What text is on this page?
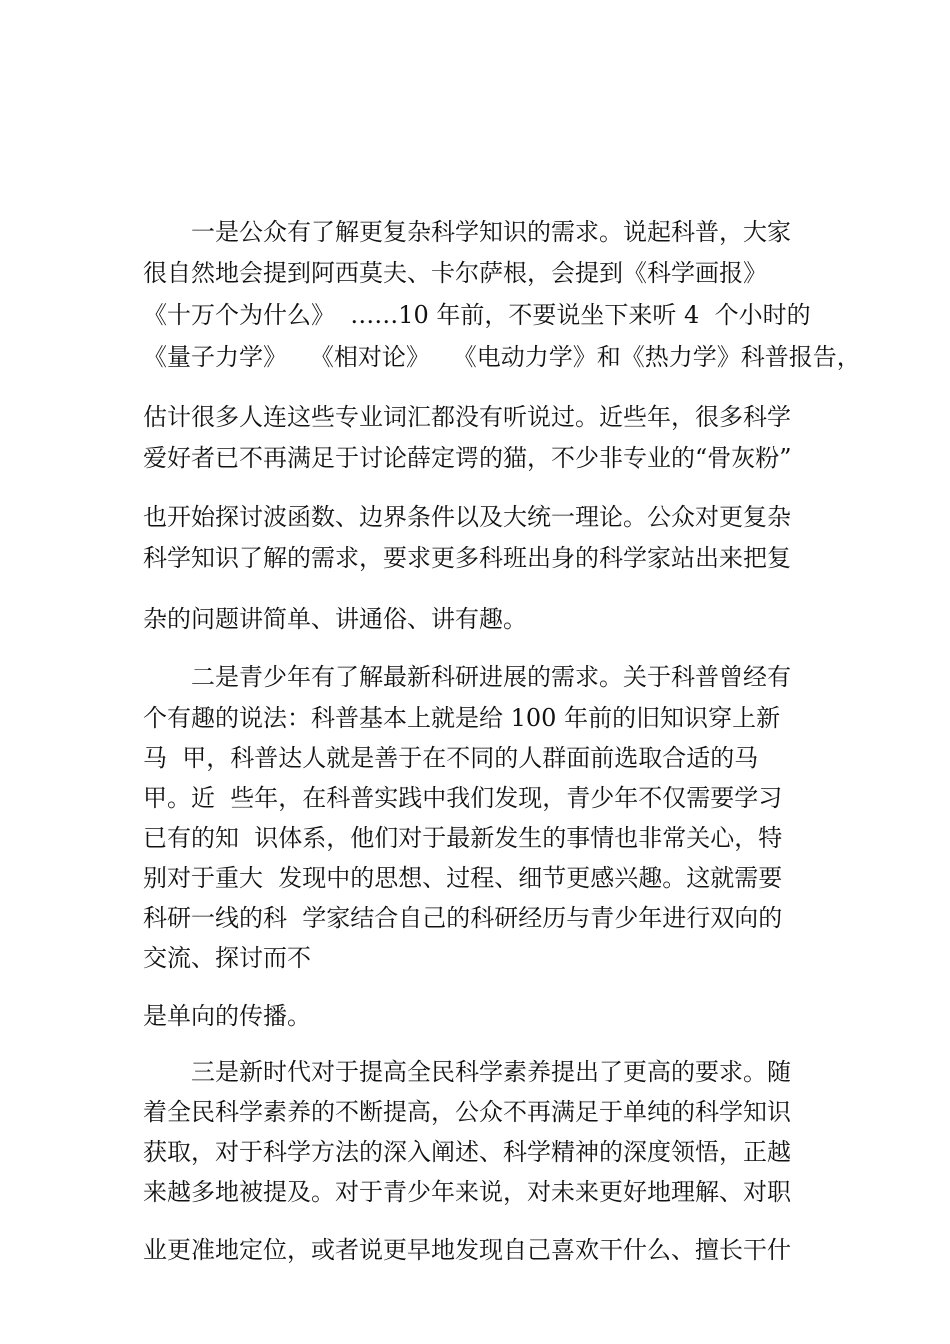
一是公众有了解更复杂科学知识的需求。说起科普，大家

很自然地会提到阿西莫夫、卡尔萨根，会提到《科学画报》

《十万个为什么》  ……10 年前，不要说坐下来听 4  个小时的

《量子力学》   《相对论》   《电动力学》和《热力学》科普报告，

估计很多人连这些专业词汇都没有听说过。近些年，很多科学

爱好者已不再满足于讨论薛定谔的猫，不少非专业的“骨灰粉”

也开始探讨波函数、边界条件以及大统一理论。公众对更复杂

科学知识了解的需求，要求更多科班出身的科学家站出来把复

杂的问题讲简单、讲通俗、讲有趣。

二是青少年有了解最新科研进展的需求。关于科普曾经有

个有趣的说法：科普基本上就是给 100 年前的旧知识穿上新

马  甲，科普达人就是善于在不同的人群面前选取合适的马

甲。近  些年，在科普实践中我们发现，青少年不仅需要学习

已有的知  识体系，他们对于最新发生的事情也非常关心，特

别对于重大  发现中的思想、过程、细节更感兴趣。这就需要

科研一线的科  学家结合自己的科研经历与青少年进行双向的

交流、探讨而不

是单向的传播。

三是新时代对于提高全民科学素养提出了更高的要求。随

着全民科学素养的不断提高，公众不再满足于单纯的科学知识

获取，对于科学方法的深入阐述、科学精神的深度领悟，正越

来越多地被提及。对于青少年来说，对未来更好地理解、对职

业更准地定位，或者说更早地发现自己喜欢干什么、擅长干什
